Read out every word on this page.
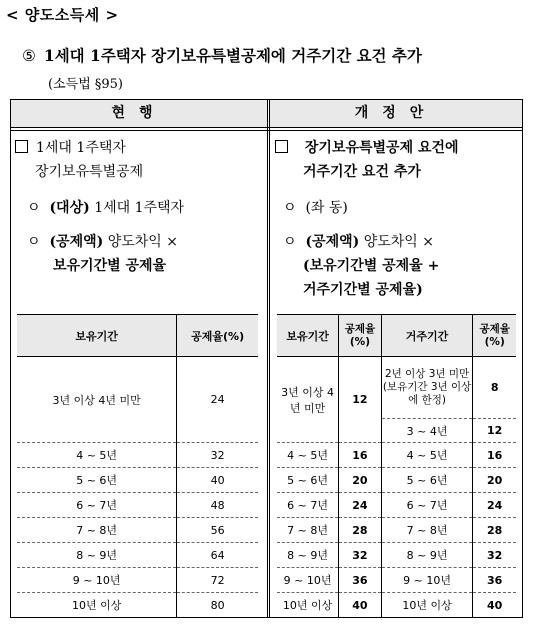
< 양도소득세 >
⑤ 1세대 1주택자 장기보유특별공제에 거주기간 요건 추가
(소득법 §95)
현행	개정안
1세대 1주택자
장기보유특별공제
ㅇ (대상) 1세대 1주택자
ㅇ (공제액) 양도차익 ×
보유기간별 공제율
장기보유특별공제 요건에
거주기간 요건 추가
ㅇ (좌 동)
ㅇ (공제액) 양도차익 ×
(보유기간별 공제율 +
거주기간별 공제율)
보유기간	공제율(%)
3년 이상 4년 미만	24
4 ~ 5년	32
5 ~ 6년	40
6 ~ 7년	48
7 ~ 8년	56
8 ~ 9년	64
9 ~ 10년	72
10년 이상	80
보유기간	공제율 (%)	거주기간	공제율 (%)
3년 이상 4년 미만	12	2년 이상 3년 미만 (보유기간 3년 이상에 한정)	8
		3 ~ 4년	12
4 ~ 5년	16	4 ~ 5년	16
5 ~ 6년	20	5 ~ 6년	20
6 ~ 7년	24	6 ~ 7년	24
7 ~ 8년	28	7 ~ 8년	28
8 ~ 9년	32	8 ~ 9년	32
9 ~ 10년	36	9 ~ 10년	36
10년 이상	40	10년 이상	40
